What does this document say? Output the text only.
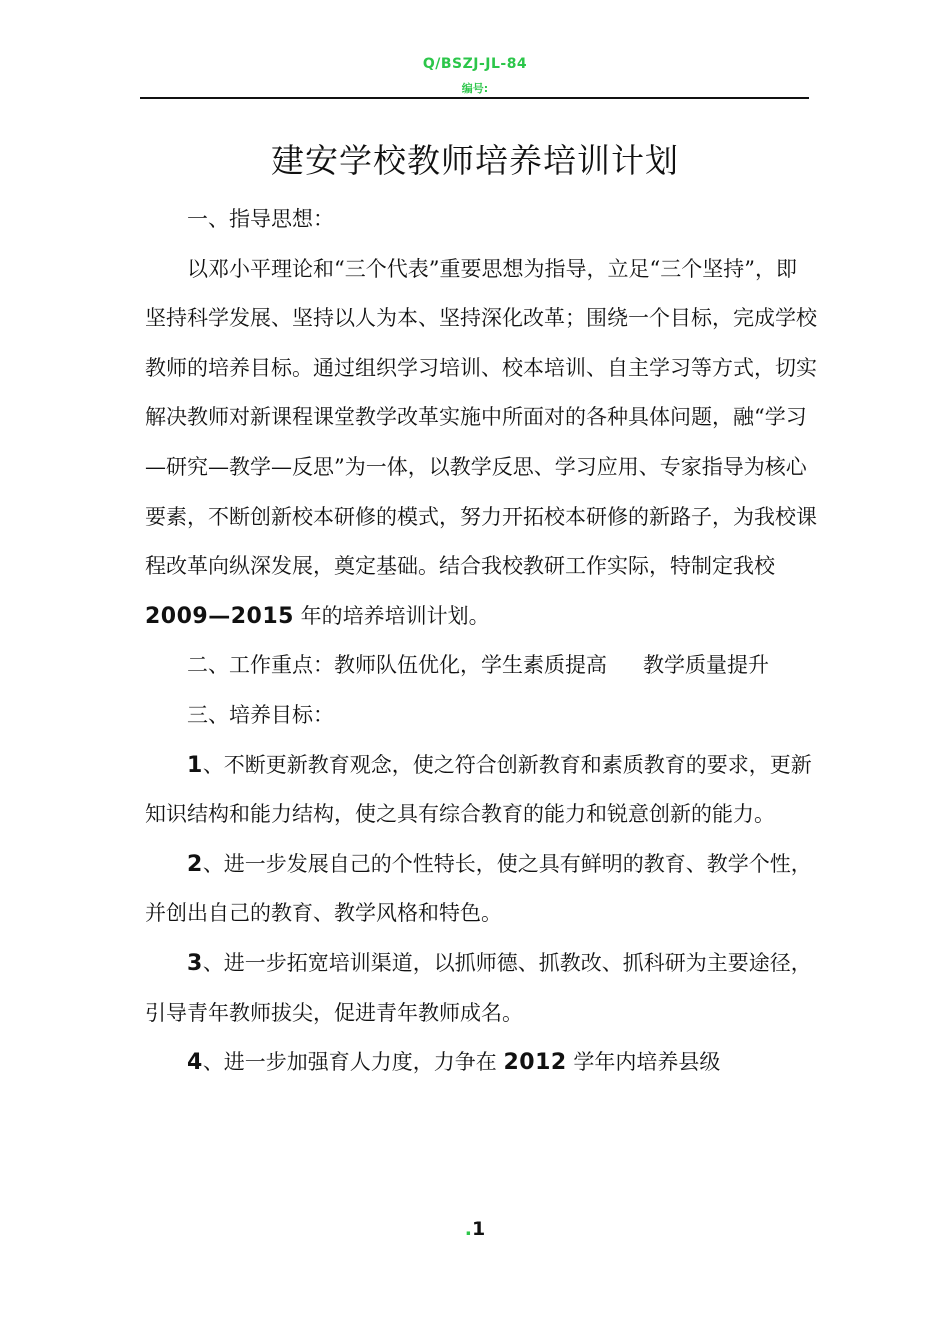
Q/BSZJ-JL-84
编号:
建安学校教师培养培训计划

一、指导思想：

以邓小平理论和“三个代表”重要思想为指导，立足“三个坚持”，即坚持科学发展、坚持以人为本、坚持深化改革；围绕一个目标，完成学校教师的培养目标。通过组织学习培训、校本培训、自主学习等方式，切实解决教师对新课程课堂教学改革实施中所面对的各种具体问题，融“学习—研究—教学—反思”为一体，以教学反思、学习应用、专家指导为核心要素，不断创新校本研修的模式，努力开拓校本研修的新路子，为我校课程改革向纵深发展，奠定基础。结合我校教研工作实际，特制定我校 2009—2015 年的培养培训计划。

二、工作重点：教师队伍优化，学生素质提高 教学质量提升

三、培养目标：

1、不断更新教育观念，使之符合创新教育和素质教育的要求，更新知识结构和能力结构，使之具有综合教育的能力和锐意创新的能力。

2、进一步发展自己的个性特长，使之具有鲜明的教育、教学个性，并创出自己的教育、教学风格和特色。

3、进一步拓宽培训渠道，以抓师德、抓教改、抓科研为主要途径，引导青年教师拔尖，促进青年教师成名。

4、进一步加强育人力度，力争在 2012 学年内培养县级

.1
